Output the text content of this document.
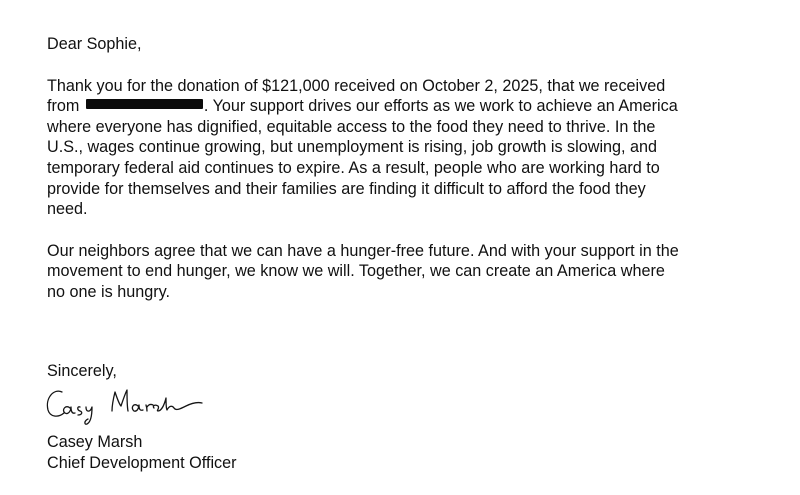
Dear Sophie,

Thank you for the donation of $121,000 received on October 2, 2025, that we received
from	. Your support drives our efforts as we work to achieve an America
where everyone has dignified, equitable access to the food they need to thrive. In the
U.S., wages continue growing, but unemployment is rising, job growth is slowing, and
temporary federal aid continues to expire. As a result, people who are working hard to
provide for themselves and their families are finding it difficult to afford the food they
need.
Our neighbors agree that we can have a hunger-free future. And with your support in the
movement to end hunger, we know we will. Together, we can create an America where
no one is hungry.
Sincerely,
Casey Marsh
Chief Development Officer
